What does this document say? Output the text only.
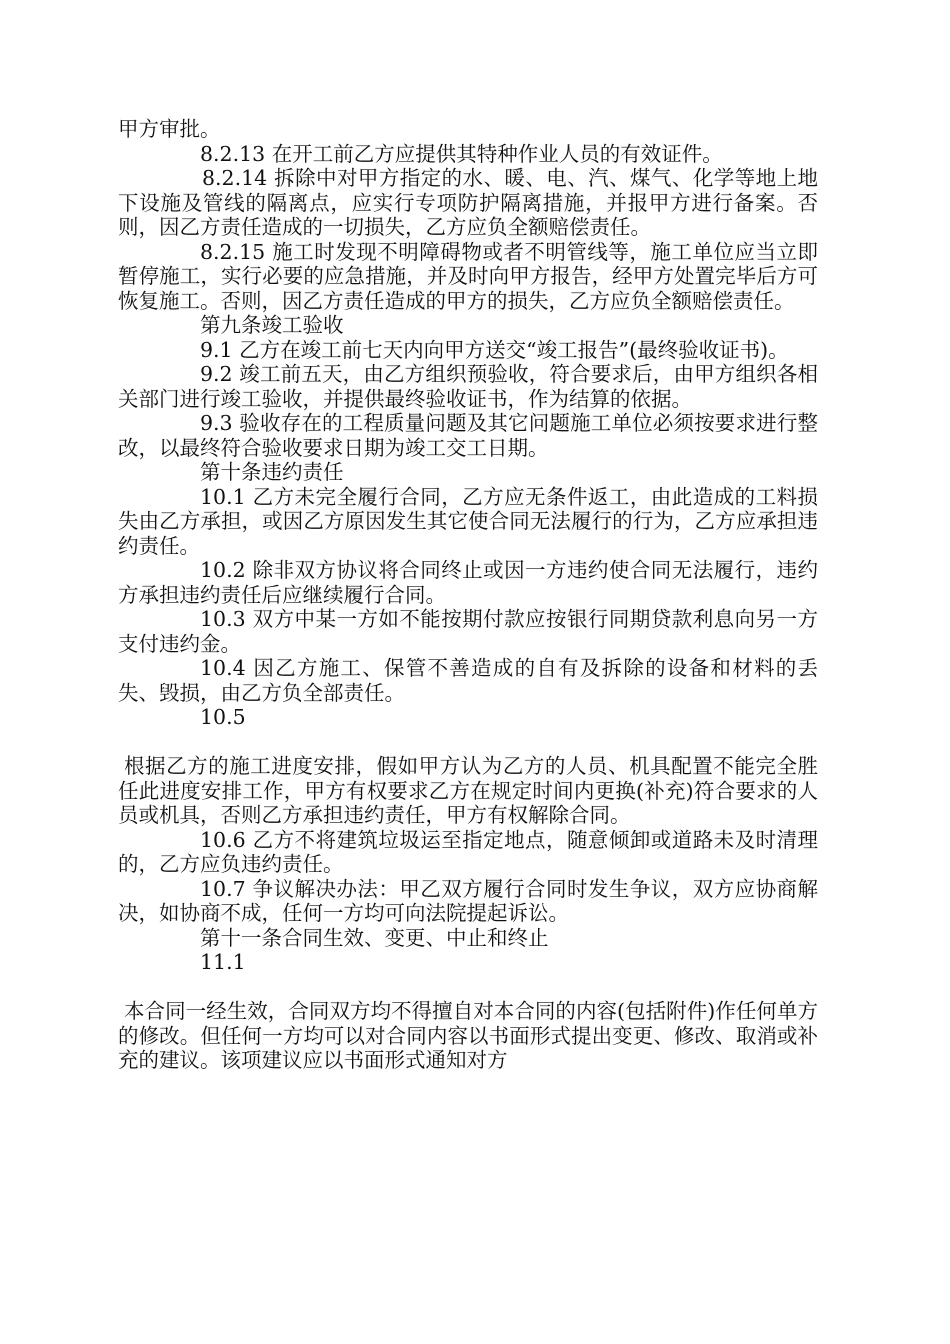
甲方审批。

8.2.13 在开工前乙方应提供其特种作业人员的有效证件。

8.2.14 拆除中对甲方指定的水、暖、电、汽、煤气、化学等地上地下设施及管线的隔离点，应实行专项防护隔离措施，并报甲方进行备案。否则，因乙方责任造成的一切损失，乙方应负全额赔偿责任。

8.2.15 施工时发现不明障碍物或者不明管线等，施工单位应当立即暂停施工，实行必要的应急措施，并及时向甲方报告，经甲方处置完毕后方可恢复施工。否则，因乙方责任造成的甲方的损失，乙方应负全额赔偿责任。

第九条竣工验收

9.1 乙方在竣工前七天内向甲方送交“竣工报告”(最终验收证书)。

9.2 竣工前五天，由乙方组织预验收，符合要求后，由甲方组织各相关部门进行竣工验收，并提供最终验收证书，作为结算的依据。

9.3 验收存在的工程质量问题及其它问题施工单位必须按要求进行整改，以最终符合验收要求日期为竣工交工日期。

第十条违约责任

10.1 乙方未完全履行合同，乙方应无条件返工，由此造成的工料损失由乙方承担，或因乙方原因发生其它使合同无法履行的行为，乙方应承担违约责任。

10.2 除非双方协议将合同终止或因一方违约使合同无法履行，违约方承担违约责任后应继续履行合同。

10.3 双方中某一方如不能按期付款应按银行同期贷款利息向另一方支付违约金。

10.4 因乙方施工、保管不善造成的自有及拆除的设备和材料的丢失、毁损，由乙方负全部责任。

10.5

根据乙方的施工进度安排，假如甲方认为乙方的人员、机具配置不能完全胜任此进度安排工作，甲方有权要求乙方在规定时间内更换(补充)符合要求的人员或机具，否则乙方承担违约责任，甲方有权解除合同。

10.6 乙方不将建筑垃圾运至指定地点，随意倾卸或道路未及时清理的，乙方应负违约责任。

10.7 争议解决办法：甲乙双方履行合同时发生争议，双方应协商解决，如协商不成，任何一方均可向法院提起诉讼。

第十一条合同生效、变更、中止和终止

11.1

本合同一经生效，合同双方均不得擅自对本合同的内容(包括附件)作任何单方的修改。但任何一方均可以对合同内容以书面形式提出变更、修改、取消或补充的建议。该项建议应以书面形式通知对方
